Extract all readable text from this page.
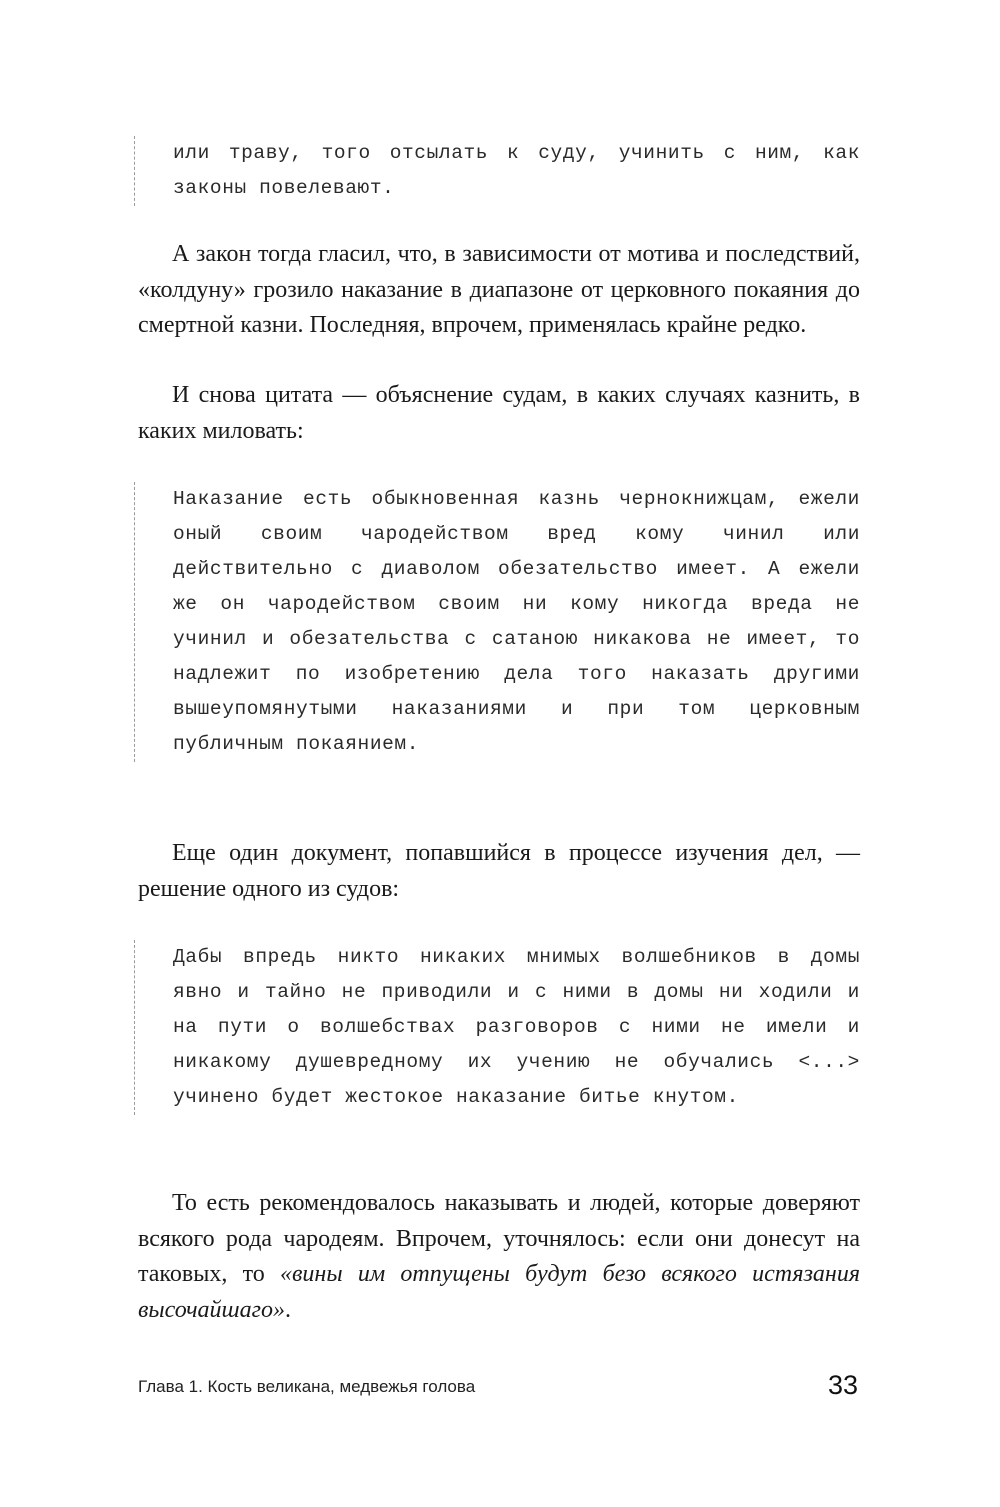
или траву, того отсылать к суду, учинить с ним, как законы повелевают.

А закон тогда гласил, что, в зависимости от мотива и последствий, «колдуну» грозило наказание в диапазоне от церковного покаяния до смертной казни. Последняя, впрочем, применялась крайне редко.

И снова цитата — объяснение судам, в каких случаях казнить, в каких миловать:

Наказание есть обыкновенная казнь чернокнижцам, ежели оный своим чародейством вред кому чинил или действительно с диаволом обезательство имеет. А ежели же он чародейством своим ни кому никогда вреда не учинил и обезательства с сатаною никакова не имеет, то надлежит по изобретению дела того наказать другими вышеупомянутыми наказаниями и при том церковным публичным покаянием.

Еще один документ, попавшийся в процессе изучения дел, — решение одного из судов:

Дабы впредь никто никаких мнимых волшебников в домы явно и тайно не приводили и с ними в домы ни ходили и на пути о волшебствах разговоров с ними не имели и никакому душевредному их учению не обучались <...> учинено будет жестокое наказание битье кнутом.

То есть рекомендовалось наказывать и людей, которые доверяют всякого рода чародеям. Впрочем, уточнялось: если они донесут на таковых, то «вины им отпущены будут безо всякого истязания высочайшаго».

Глава 1. Кость великана, медвежья голова	33
